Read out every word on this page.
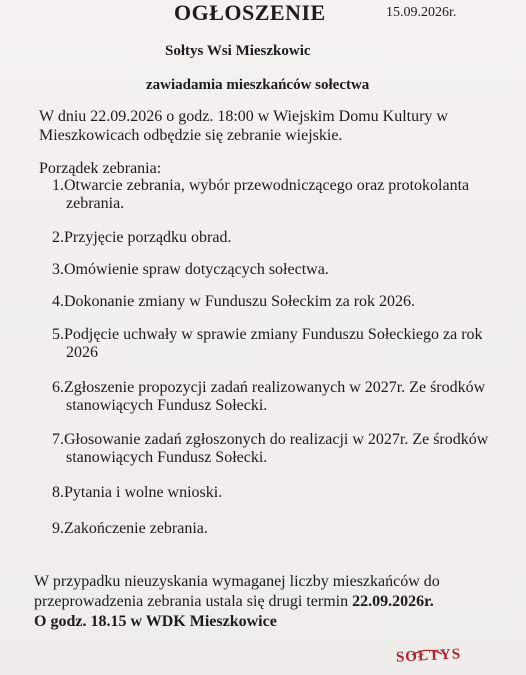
OGŁOSZENIE	15.09.2026r.
Sołtys Wsi Mieszkowic
zawiadamia mieszkańców sołectwa
W dniu 22.09.2026 o godz. 18:00 w Wiejskim Domu Kultury w
Mieszkowicach odbędzie się zebranie wiejskie.
Porządek zebrania:
1.Otwarcie zebrania, wybór przewodniczącego oraz protokolanta
zebrania.
2.Przyjęcie porządku obrad.
3.Omówienie spraw dotyczących sołectwa.
4.Dokonanie zmiany w Funduszu Sołeckim za rok 2026.
5.Podjęcie uchwały w sprawie zmiany Funduszu Sołeckiego za rok
2026
6.Zgłoszenie propozycji zadań realizowanych w 2027r. Ze środków
stanowiących Fundusz Sołecki.
7.Głosowanie zadań zgłoszonych do realizacji w 2027r. Ze środków
stanowiących Fundusz Sołecki.
8.Pytania i wolne wnioski.
9.Zakończenie zebrania.
W przypadku nieuzyskania wymaganej liczby mieszkańców do
przeprowadzenia zebrania ustala się drugi termin 22.09.2026r.
O godz. 18.15 w WDK Mieszkowice
SOŁTYS
